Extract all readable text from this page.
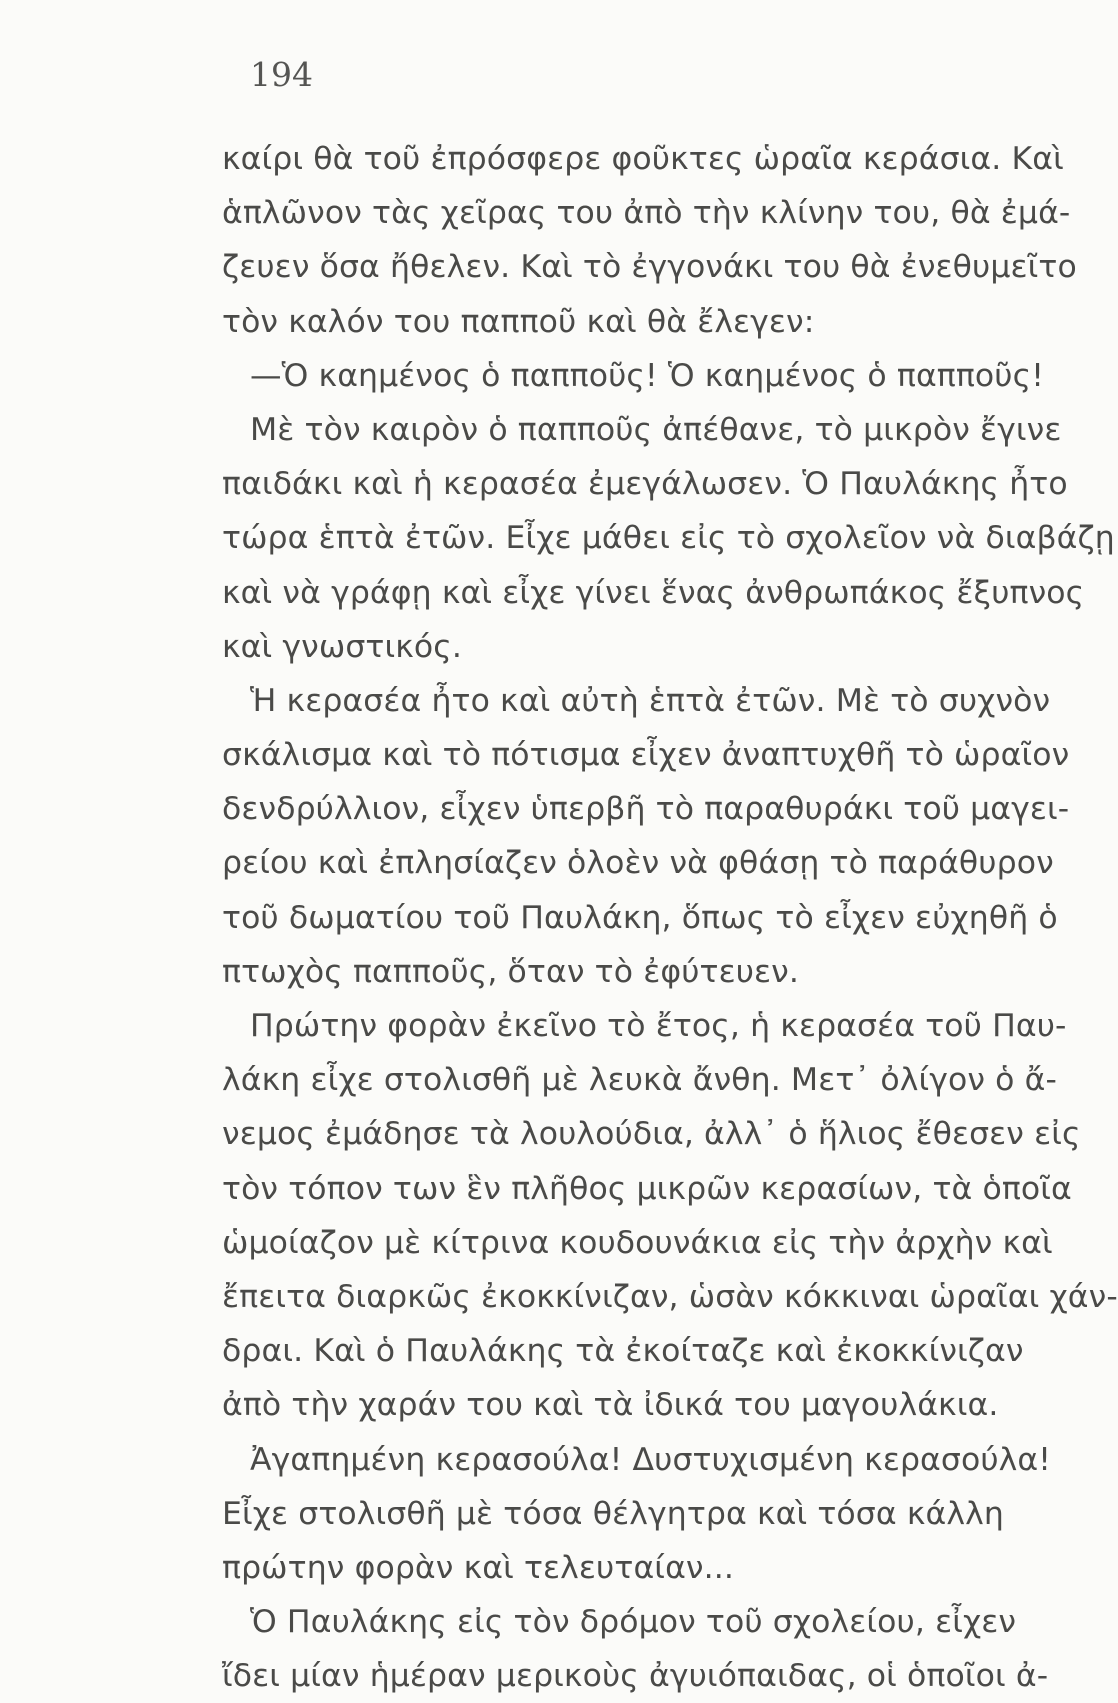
194
καίρι θὰ τοῦ ἐπρόσφερε φοῦκτες ὡραῖα κεράσια. Καὶ
ἁπλῶνον τὰς χεῖρας του ἀπὸ τὴν κλίνην του, θὰ ἐμά-
ζευεν ὅσα ἤθελεν. Καὶ τὸ ἐγγονάκι του θὰ ἐνεθυμεῖτο
τὸν καλόν του παπποῦ καὶ θὰ ἔλεγεν:
—Ὁ καημένος ὁ παπποῦς! Ὁ καημένος ὁ παπποῦς!
Μὲ τὸν καιρὸν ὁ παπποῦς ἀπέθανε, τὸ μικρὸν ἔγινε
παιδάκι καὶ ἡ κερασέα ἐμεγάλωσεν. Ὁ Παυλάκης ἦτο
τώρα ἑπτὰ ἐτῶν. Εἶχε μάθει εἰς τὸ σχολεῖον νὰ διαβάζῃ
καὶ νὰ γράφῃ καὶ εἶχε γίνει ἕνας ἀνθρωπάκος ἔξυπνος
καὶ γνωστικός.
Ἡ κερασέα ἦτο καὶ αὐτὴ ἑπτὰ ἐτῶν. Μὲ τὸ συχνὸν
σκάλισμα καὶ τὸ πότισμα εἶχεν ἀναπτυχθῆ τὸ ὡραῖον
δενδρύλλιον, εἶχεν ὑπερβῆ τὸ παραθυράκι τοῦ μαγει-
ρείου καὶ ἐπλησίαζεν ὁλοὲν νὰ φθάσῃ τὸ παράθυρον
τοῦ δωματίου τοῦ Παυλάκη, ὅπως τὸ εἶχεν εὐχηθῆ ὁ
πτωχὸς παπποῦς, ὅταν τὸ ἐφύτευεν.
Πρώτην φορὰν ἐκεῖνο τὸ ἔτος, ἡ κερασέα τοῦ Παυ-
λάκη εἶχε στολισθῆ μὲ λευκὰ ἄνθη. Μετ᾽ ὀλίγον ὁ ἄ-
νεμος ἐμάδησε τὰ λουλούδια, ἀλλ᾽ ὁ ἥλιος ἔθεσεν εἰς
τὸν τόπον των ἓν πλῆθος μικρῶν κερασίων, τὰ ὁποῖα
ὡμοίαζον μὲ κίτρινα κουδουνάκια εἰς τὴν ἀρχὴν καὶ
ἔπειτα διαρκῶς ἐκοκκίνιζαν, ὡσὰν κόκκιναι ὡραῖαι χάν-
δραι. Καὶ ὁ Παυλάκης τὰ ἐκοίταζε καὶ ἐκοκκίνιζαν
ἀπὸ τὴν χαράν του καὶ τὰ ἰδικά του μαγουλάκια.
Ἀγαπημένη κερασούλα! Δυστυχισμένη κερασούλα!
Εἶχε στολισθῆ μὲ τόσα θέλγητρα καὶ τόσα κάλλη
πρώτην φορὰν καὶ τελευταίαν...
Ὁ Παυλάκης εἰς τὸν δρόμον τοῦ σχολείου, εἶχεν
ἴδει μίαν ἡμέραν μερικοὺς ἀγυιόπαιδας, οἱ ὁποῖοι ἀ-
